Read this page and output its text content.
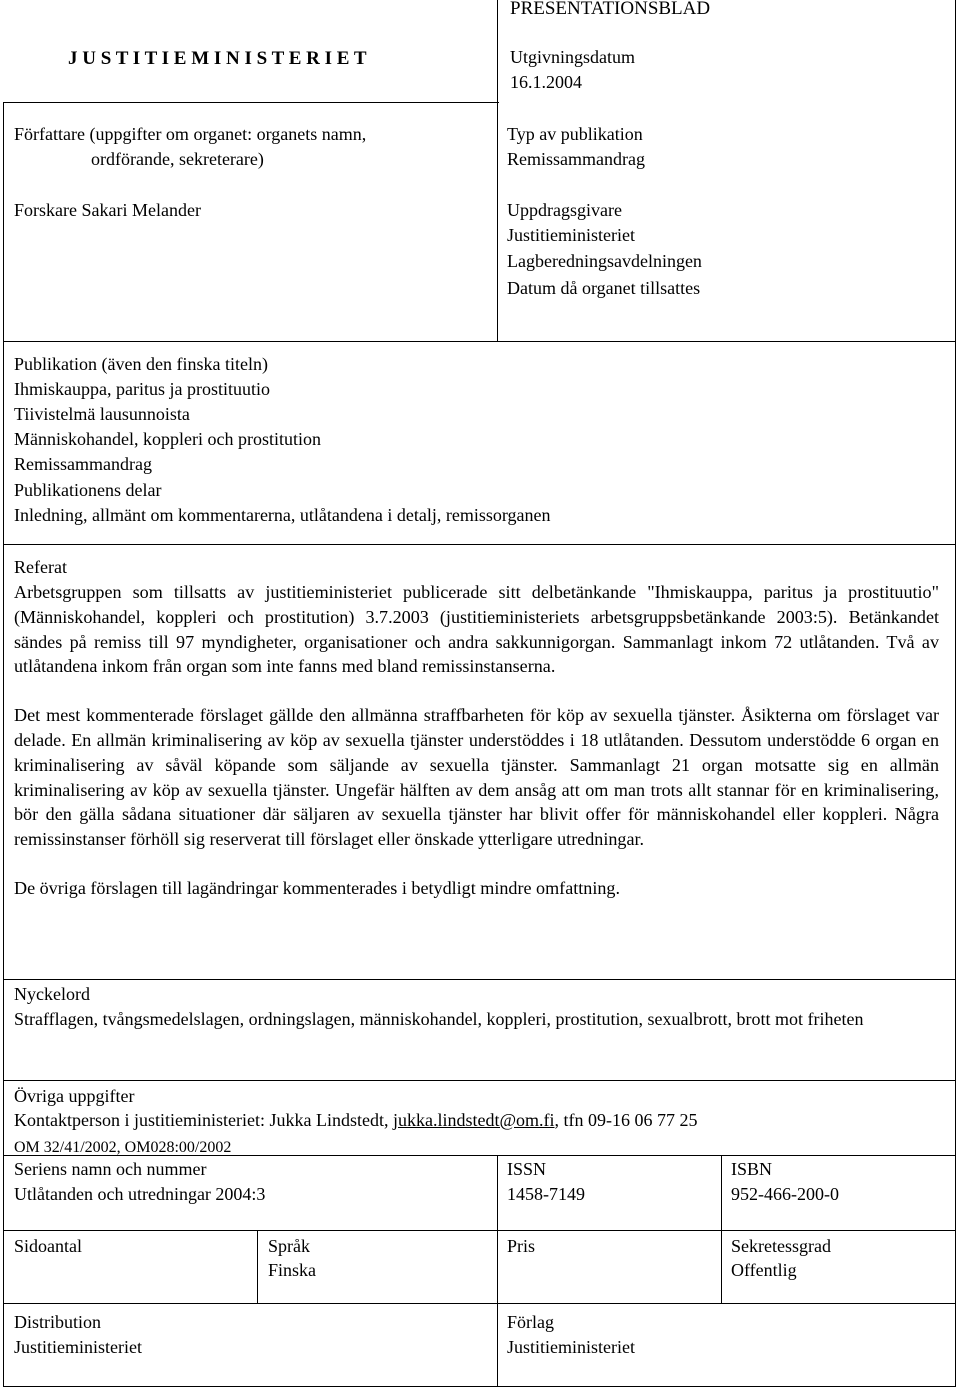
J U S T I T I E M I N I S T E R I E T
PRESENTATIONSBLAD
Utgivningsdatum
16.1.2004
Författare (uppgifter om organet: organets namn,
ordförande, sekreterare)
Forskare Sakari Melander
Typ av publikation
Remissammandrag
Uppdragsgivare
Justitieministeriet
Lagberedningsavdelningen
Datum då organet tillsattes
Publikation (även den finska titeln)
Ihmiskauppa, paritus ja prostituutio
Tiivistelmä lausunnoista
Människohandel, koppleri och prostitution
Remissammandrag
Publikationens delar
Inledning, allmänt om kommentarerna, utlåtandena i detalj, remissorganen
Referat

Arbetsgruppen som tillsatts av justitieministeriet publicerade sitt delbetänkande "Ihmiskauppa, paritus ja prostituutio" (Människohandel, koppleri och prostitution) 3.7.2003 (justitieministeriets arbetsgruppsbetänkande 2003:5). Betänkandet sändes på remiss till 97 myndigheter, organisationer och andra sakkunnigorgan. Sammanlagt inkom 72 utlåtanden. Två av utlåtandena inkom från organ som inte fanns med bland remissinstanserna.

Det mest kommenterade förslaget gällde den allmänna straffbarheten för köp av sexuella tjänster. Åsikterna om förslaget var delade. En allmän kriminalisering av köp av sexuella tjänster understöddes i 18 utlåtanden. Dessutom understödde 6 organ en kriminalisering av såväl köpande som säljande av sexuella tjänster. Sammanlagt 21 organ motsatte sig en allmän kriminalisering av köp av sexuella tjänster. Ungefär hälften av dem ansåg att om man trots allt stannar för en kriminalisering, bör den gälla sådana situationer där säljaren av sexuella tjänster har blivit offer för människohandel eller koppleri. Några remissinstanser förhöll sig reserverat till förslaget eller önskade ytterligare utredningar.

De övriga förslagen till lagändringar kommenterades i betydligt mindre omfattning.

Nyckelord
Strafflagen, tvångsmedelslagen, ordningslagen, människohandel, koppleri, prostitution, sexualbrott, brott mot friheten
Övriga uppgifter
Kontaktperson i justitieministeriet: Jukka Lindstedt, jukka.lindstedt@om.fi, tfn 09-16 06 77 25
OM 32/41/2002, OM028:00/2002
Seriens namn och nummer
Utlåtanden och utredningar 2004:3
ISSN
1458-7149
ISBN
952-466-200-0
Sidoantal	Språk
Finska
Pris	Sekretessgrad
Offentlig
Distribution
Justitieministeriet
Förlag
Justitieministeriet
